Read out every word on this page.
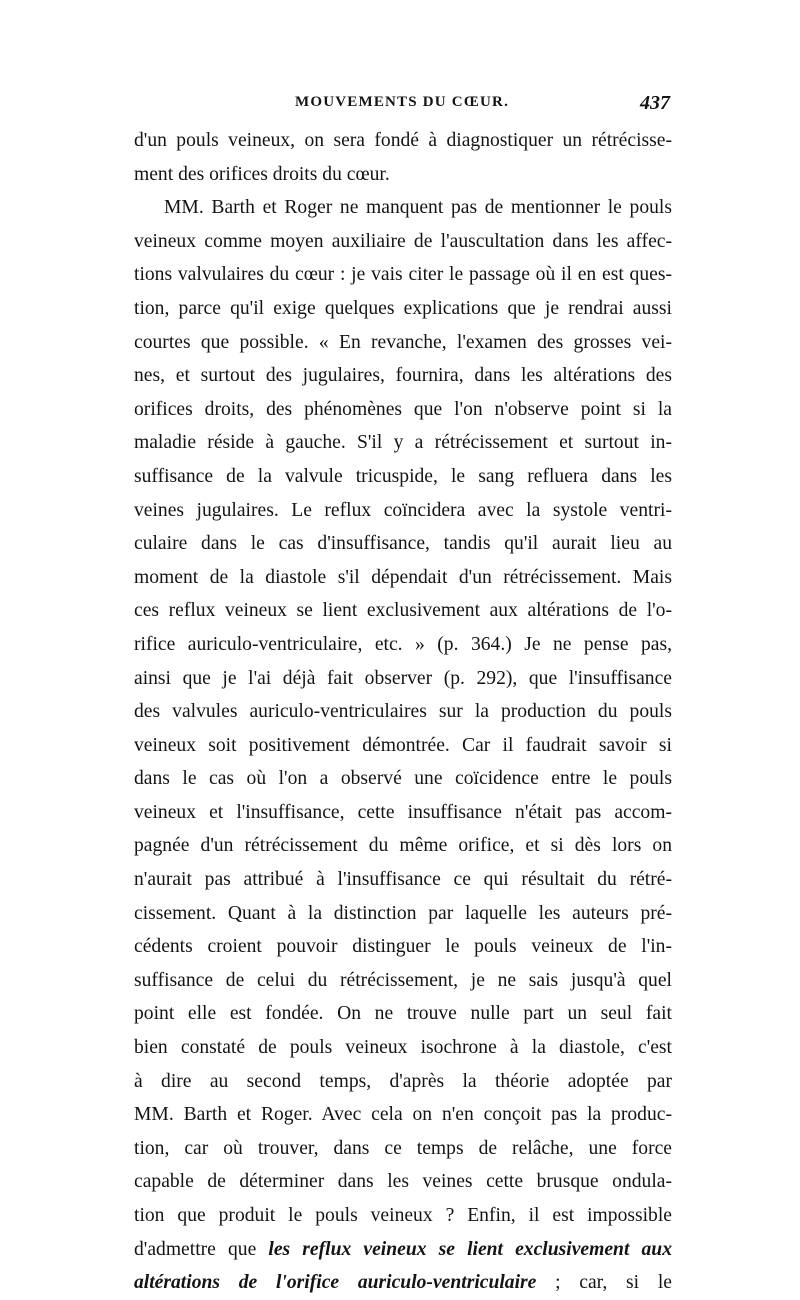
MOUVEMENTS DU CŒUR.	437
d'un pouls veineux, on sera fondé à diagnostiquer un rétrécisse-
ment des orifices droits du cœur.
MM. Barth et Roger ne manquent pas de mentionner le pouls
veineux comme moyen auxiliaire de l'auscultation dans les affec-
tions valvulaires du cœur : je vais citer le passage où il en est ques-
tion, parce qu'il exige quelques explications que je rendrai aussi
courtes que possible. « En revanche, l'examen des grosses vei-
nes, et surtout des jugulaires, fournira, dans les altérations des
orifices droits, des phénomènes que l'on n'observe point si la
maladie réside à gauche. S'il y a rétrécissement et surtout in-
suffisance de la valvule tricuspide, le sang refluera dans les
veines jugulaires. Le reflux coïncidera avec la systole ventri-
culaire dans le cas d'insuffisance, tandis qu'il aurait lieu au
moment de la diastole s'il dépendait d'un rétrécissement. Mais
ces reflux veineux se lient exclusivement aux altérations de l'o-
rifice auriculo-ventriculaire, etc. » (p. 364.) Je ne pense pas,
ainsi que je l'ai déjà fait observer (p. 292), que l'insuffisance
des valvules auriculo-ventriculaires sur la production du pouls
veineux soit positivement démontrée. Car il faudrait savoir si
dans le cas où l'on a observé une coïcidence entre le pouls
veineux et l'insuffisance, cette insuffisance n'était pas accom-
pagnée d'un rétrécissement du même orifice, et si dès lors on
n'aurait pas attribué à l'insuffisance ce qui résultait du rétré-
cissement. Quant à la distinction par laquelle les auteurs pré-
cédents croient pouvoir distinguer le pouls veineux de l'in-
suffisance de celui du rétrécissement, je ne sais jusqu'à quel
point elle est fondée. On ne trouve nulle part un seul fait
bien constaté de pouls veineux isochrone à la diastole, c'est
à dire au second temps, d'après la théorie adoptée par
MM. Barth et Roger. Avec cela on n'en conçoit pas la produc-
tion, car où trouver, dans ce temps de relâche, une force
capable de déterminer dans les veines cette brusque ondula-
tion que produit le pouls veineux ? Enfin, il est impossible
d'admettre que les reflux veineux se lient exclusivement aux
altérations de l'orifice auriculo-ventriculaire ; car, si le
